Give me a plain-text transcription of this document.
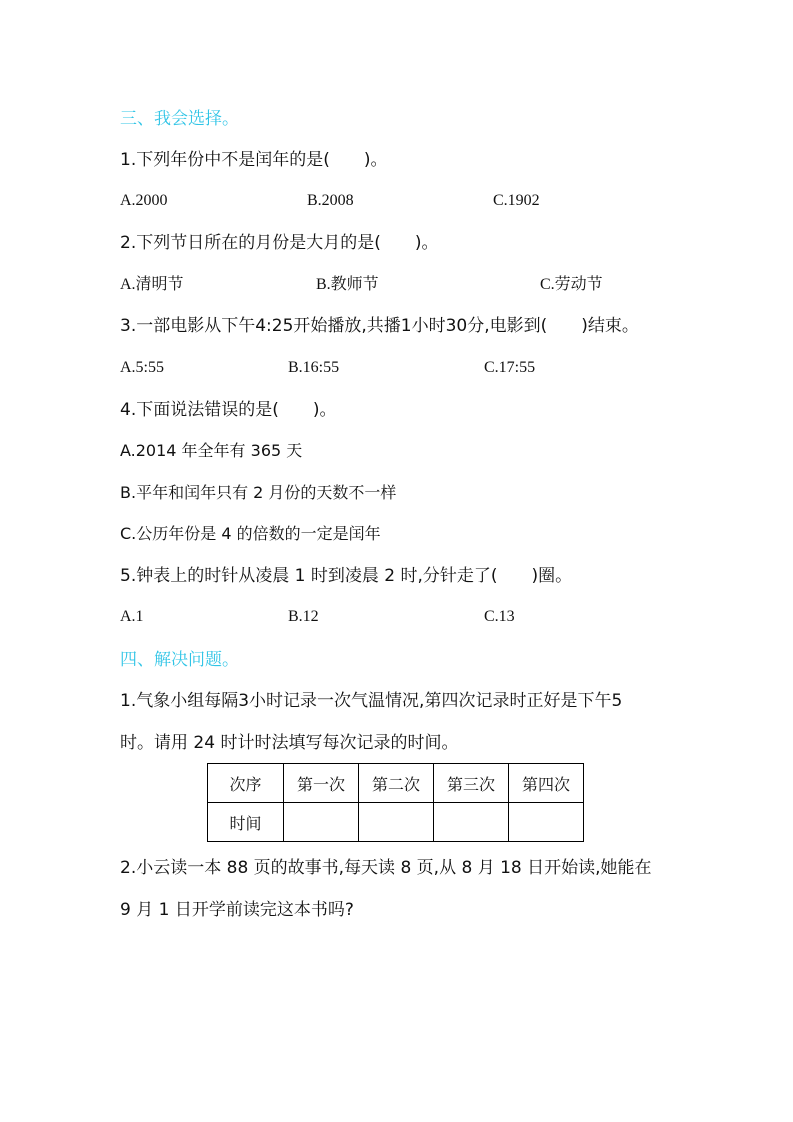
三、我会选择。
1.下列年份中不是闰年的是(　　)。
A.2000	B.2008	C.1902
2.下列节日所在的月份是大月的是(　　)。
A.清明节	B.教师节	C.劳动节
3.一部电影从下午4:25开始播放,共播1小时30分,电影到(　　)结束。
A.5:55	B.16:55	C.17:55
4.下面说法错误的是(　　)。
A.2014 年全年有 365 天
B.平年和闰年只有 2 月份的天数不一样
C.公历年份是 4 的倍数的一定是闰年
5.钟表上的时针从凌晨 1 时到凌晨 2 时,分针走了(　　)圈。
A.1	B.12	C.13
四、解决问题。
1.气象小组每隔3小时记录一次气温情况,第四次记录时正好是下午5
时。请用 24 时计时法填写每次记录的时间。
次序	第一次	第二次	第三次	第四次
时间				
2.小云读一本 88 页的故事书,每天读 8 页,从 8 月 18 日开始读,她能在
9 月 1 日开学前读完这本书吗?
